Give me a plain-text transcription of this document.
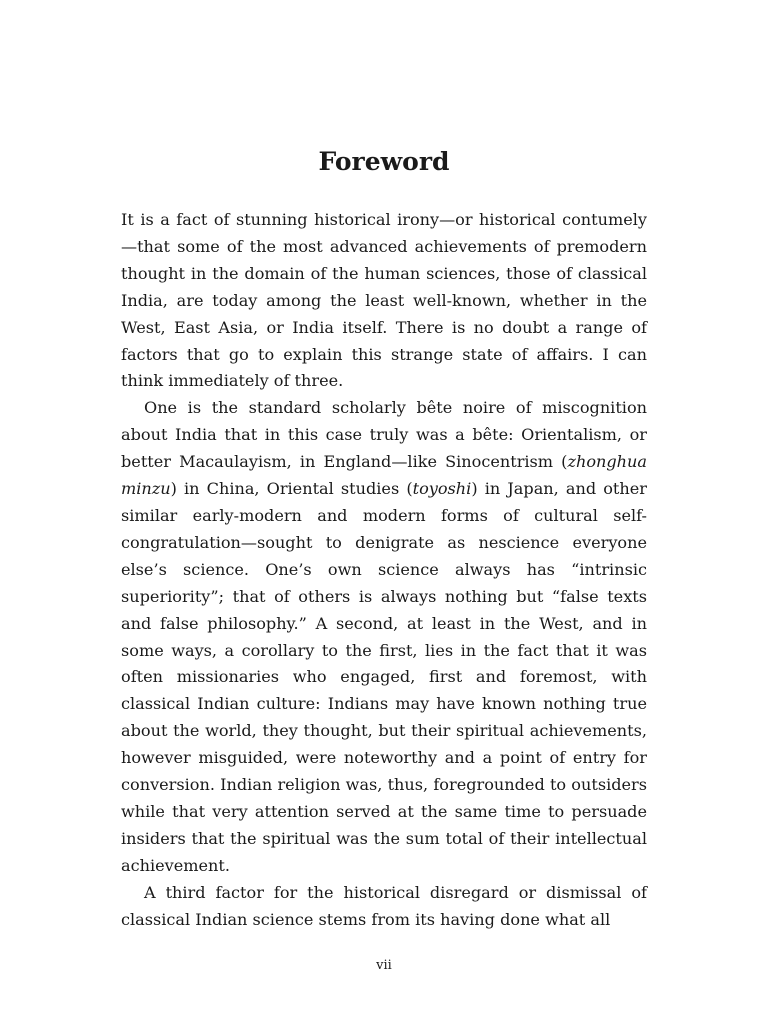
Foreword

It is a fact of stunning historical irony—or historical contumely—that some of the most advanced achievements of premodern thought in the domain of the human sciences, those of classical India, are today among the least well-known, whether in the West, East Asia, or India itself. There is no doubt a range of factors that go to explain this strange state of affairs. I can think immediately of three.

One is the standard scholarly bête noire of miscognition about India that in this case truly was a bête: Orientalism, or better Macaulayism, in England—like Sinocentrism (zhonghua minzu) in China, Oriental studies (toyoshi) in Japan, and other similar early-modern and modern forms of cultural self-congratulation—sought to denigrate as nescience everyone else’s science. One’s own science always has “intrinsic superiority”; that of others is always nothing but “false texts and false philosophy.” A second, at least in the West, and in some ways, a corollary to the first, lies in the fact that it was often missionaries who engaged, first and foremost, with classical Indian culture: Indians may have known nothing true about the world, they thought, but their spiritual achievements, however misguided, were noteworthy and a point of entry for conversion. Indian religion was, thus, foregrounded to outsiders while that very attention served at the same time to persuade insiders that the spiritual was the sum total of their intellectual achievement.

A third factor for the historical disregard or dismissal of classical Indian science stems from its having done what all

vii
